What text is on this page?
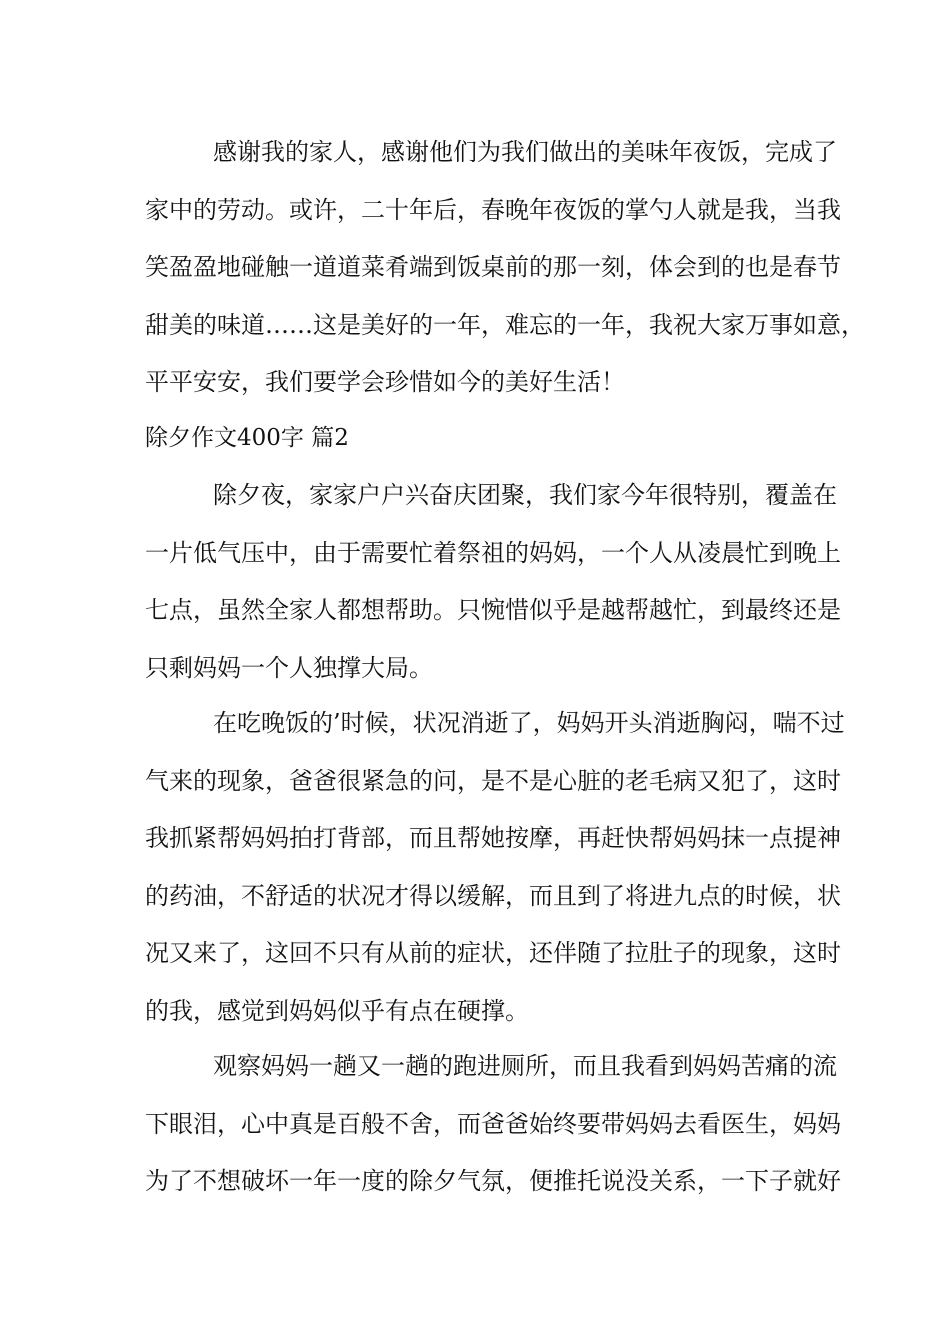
感谢我的家人，感谢他们为我们做出的美味年夜饭，完成了
家中的劳动。或许，二十年后，春晚年夜饭的掌勺人就是我，当我
笑盈盈地碰触一道道菜肴端到饭桌前的那一刻，体会到的也是春节
甜美的味道……这是美好的一年，难忘的一年，我祝大家万事如意，
平平安安，我们要学会珍惜如今的美好生活！
除夕作文400字 篇2
除夕夜，家家户户兴奋庆团聚，我们家今年很特别，覆盖在
一片低气压中，由于需要忙着祭祖的妈妈，一个人从凌晨忙到晚上
七点，虽然全家人都想帮助。只惋惜似乎是越帮越忙，到最终还是
只剩妈妈一个人独撑大局。
在吃晚饭的’时候，状况消逝了，妈妈开头消逝胸闷，喘不过
气来的现象，爸爸很紧急的问，是不是心脏的老毛病又犯了，这时
我抓紧帮妈妈拍打背部，而且帮她按摩，再赶快帮妈妈抹一点提神
的药油，不舒适的状况才得以缓解，而且到了将进九点的时候，状
况又来了，这回不只有从前的症状，还伴随了拉肚子的现象，这时
的我，感觉到妈妈似乎有点在硬撑。
观察妈妈一趟又一趟的跑进厕所，而且我看到妈妈苦痛的流
下眼泪，心中真是百般不舍，而爸爸始终要带妈妈去看医生，妈妈
为了不想破坏一年一度的除夕气氛，便推托说没关系，一下子就好
